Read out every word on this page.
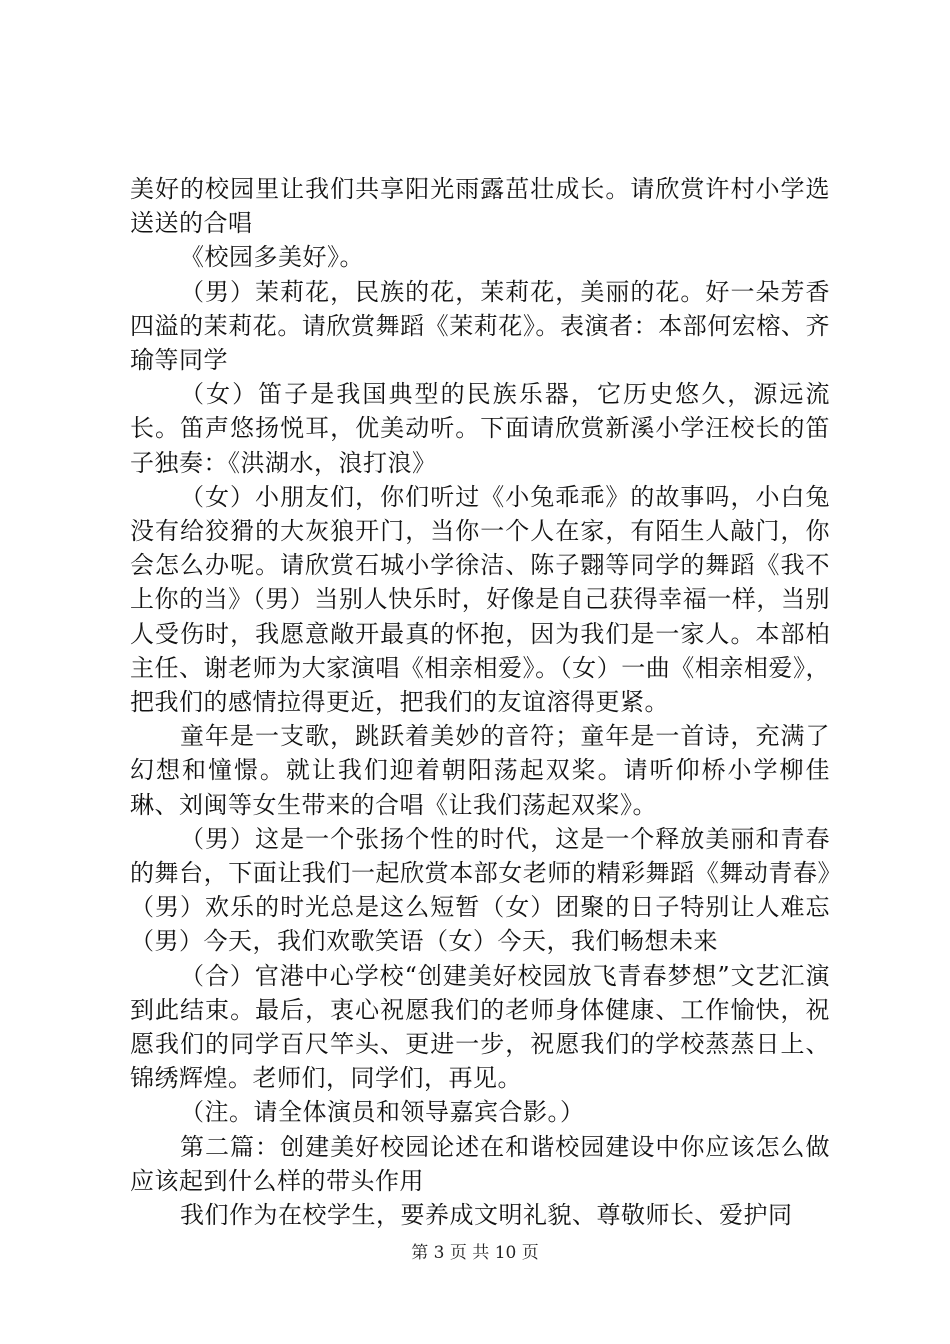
美好的校园里让我们共享阳光雨露茁壮成长。请欣赏许村小学选送送的合唱

《校园多美好》。

（男）茉莉花，民族的花，茉莉花，美丽的花。好一朵芳香四溢的茉莉花。请欣赏舞蹈《茉莉花》。表演者：本部何宏榕、齐瑜等同学

（女）笛子是我国典型的民族乐器，它历史悠久，源远流长。笛声悠扬悦耳，优美动听。下面请欣赏新溪小学汪校长的笛子独奏：《洪湖水，浪打浪》

（女）小朋友们，你们听过《小兔乖乖》的故事吗，小白兔没有给狡猾的大灰狼开门，当你一个人在家，有陌生人敲门，你会怎么办呢。请欣赏石城小学徐洁、陈子翾等同学的舞蹈《我不上你的当》（男）当别人快乐时，好像是自己获得幸福一样，当别人受伤时，我愿意敞开最真的怀抱，因为我们是一家人。本部柏主任、谢老师为大家演唱《相亲相爱》。（女）一曲《相亲相爱》，把我们的感情拉得更近，把我们的友谊溶得更紧。

童年是一支歌，跳跃着美妙的音符；童年是一首诗，充满了幻想和憧憬。就让我们迎着朝阳荡起双桨。请听仰桥小学柳佳琳、刘闽等女生带来的合唱《让我们荡起双桨》。

（男）这是一个张扬个性的时代，这是一个释放美丽和青春的舞台，下面让我们一起欣赏本部女老师的精彩舞蹈《舞动青春》（男）欢乐的时光总是这么短暂（女）团聚的日子特别让人难忘（男）今天，我们欢歌笑语（女）今天，我们畅想未来

（合）官港中心学校“创建美好校园放飞青春梦想”文艺汇演到此结束。最后，衷心祝愿我们的老师身体健康、工作愉快，祝愿我们的同学百尺竿头、更进一步，祝愿我们的学校蒸蒸日上、锦绣辉煌。老师们，同学们，再见。

（注。请全体演员和领导嘉宾合影。）

第二篇：创建美好校园论述在和谐校园建设中你应该怎么做应该起到什么样的带头作用

我们作为在校学生，要养成文明礼貌、尊敬师长、爱护同

第 3 页 共 10 页
